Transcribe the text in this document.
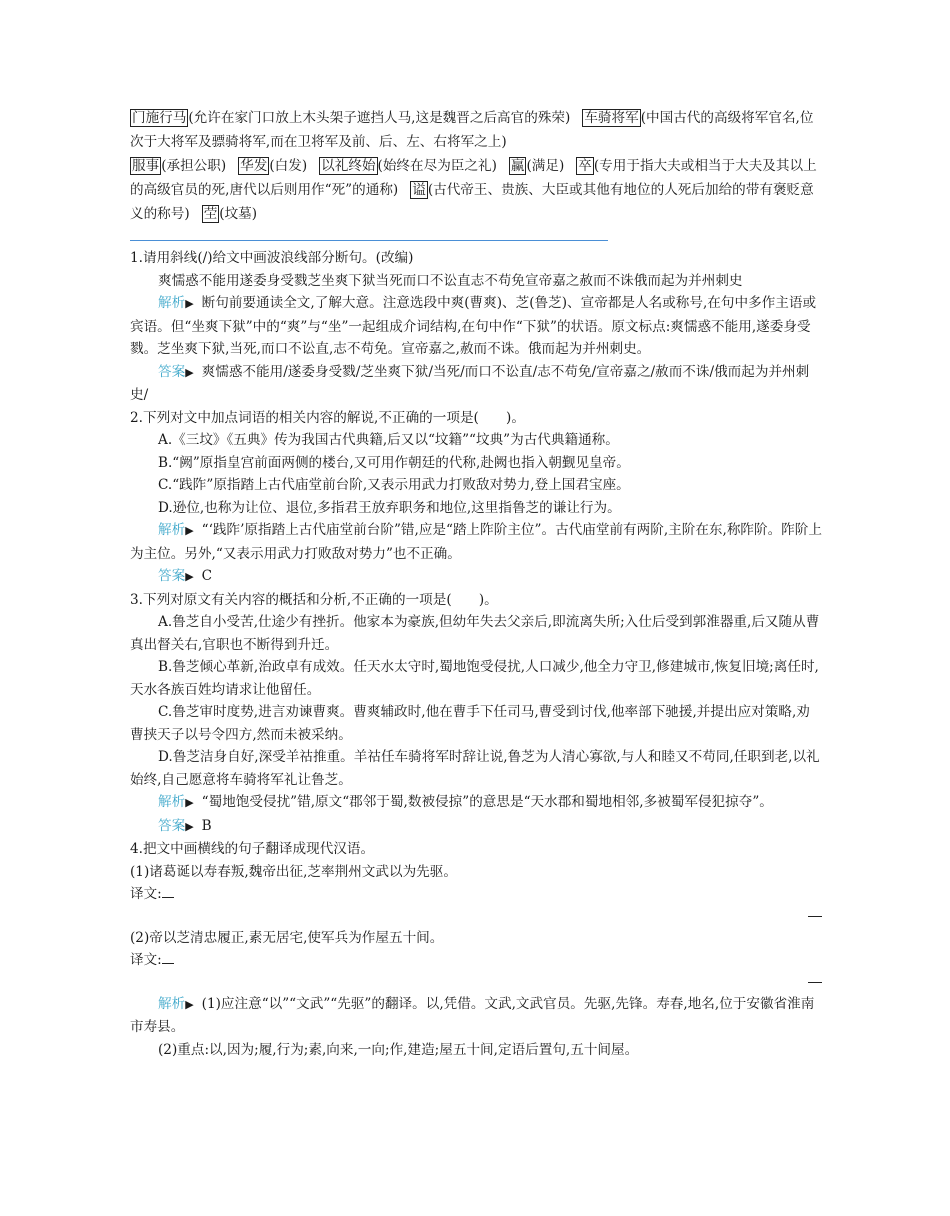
门施行马 (允许在家门口放上木头架子遮挡人马,这是魏晋之后高官的殊荣) 车骑将军 (中国古代的高级将军官名,位次于大将军及骠骑将军,而在卫将军及前、后、左、右将军之上)
服事 (承担公职) 华发 (白发) 以礼终始 (始终在尽为臣之礼) 赢 (满足) 卒 (专用于指大夫或相当于大夫及其以上的高级官员的死,唐代以后则用作“死”的通称) 谥 (古代帝王、贵族、大臣或其他有地位的人死后加给的带有褒贬意义的称号) 茔 (坟墓)

1.请用斜线(/)给文中画波浪线部分断句。(改编)

爽懦惑不能用遂委身受戮芝坐爽下狱当死而口不讼直志不苟免宣帝嘉之赦而不诛俄而起为并州刺史

解析▶ 断句前要通读全文,了解大意。注意选段中爽(曹爽)、芝(鲁芝)、宣帝都是人名或称号,在句中多作主语或宾语。但“坐爽下狱”中的“爽”与“坐”一起组成介词结构,在句中作“下狱”的状语。原文标点:爽懦惑不能用,遂委身受戮。芝坐爽下狱,当死,而口不讼直,志不苟免。宣帝嘉之,赦而不诛。俄而起为并州刺史。

答案▶ 爽懦惑不能用/遂委身受戮/芝坐爽下狱/当死/而口不讼直/志不苟免/宣帝嘉之/赦而不诛/俄而起为并州刺史/

2.下列对文中加点词语的相关内容的解说,不正确的一项是(　　)。

A.《三坟》《五典》传为我国古代典籍,后又以“坟籍”“坟典”为古代典籍通称。

B.“阙”原指皇宫前面两侧的楼台,又可用作朝廷的代称,赴阙也指入朝觐见皇帝。

C.“践阼”原指踏上古代庙堂前台阶,又表示用武力打败敌对势力,登上国君宝座。

D.逊位,也称为让位、退位,多指君王放弃职务和地位,这里指鲁芝的谦让行为。

解析▶ “‘践阼’原指踏上古代庙堂前台阶”错,应是“踏上阼阶主位”。古代庙堂前有两阶,主阶在东,称阼阶。阼阶上为主位。另外,“又表示用武力打败敌对势力”也不正确。

答案▶ C

3.下列对原文有关内容的概括和分析,不正确的一项是(　　)。

A.鲁芝自小受苦,仕途少有挫折。他家本为豪族,但幼年失去父亲后,即流离失所;入仕后受到郭淮器重,后又随从曹真出督关右,官职也不断得到升迁。

B.鲁芝倾心革新,治政卓有成效。任天水太守时,蜀地饱受侵扰,人口减少,他全力守卫,修建城市,恢复旧境;离任时,天水各族百姓均请求让他留任。

C.鲁芝审时度势,进言劝谏曹爽。曹爽辅政时,他在曹手下任司马,曹受到讨伐,他率部下驰援,并提出应对策略,劝曹挟天子以号令四方,然而未被采纳。

D.鲁芝洁身自好,深受羊祜推重。羊祜任车骑将军时辞让说,鲁芝为人清心寡欲,与人和睦又不苟同,任职到老,以礼始终,自己愿意将车骑将军礼让鲁芝。

解析▶ “蜀地饱受侵扰”错,原文“郡邻于蜀,数被侵掠”的意思是“天水郡和蜀地相邻,多被蜀军侵犯掠夺”。

答案▶ B

4.把文中画横线的句子翻译成现代汉语。

(1)诸葛诞以寿春叛,魏帝出征,芝率荆州文武以为先驱。

译文:

(2)帝以芝清忠履正,素无居宅,使军兵为作屋五十间。

译文:

解析▶ (1)应注意“以”“文武”“先驱”的翻译。以,凭借。文武,文武官员。先驱,先锋。寿春,地名,位于安徽省淮南市寿县。

(2)重点:以,因为;履,行为;素,向来,一向;作,建造;屋五十间,定语后置句,五十间屋。
